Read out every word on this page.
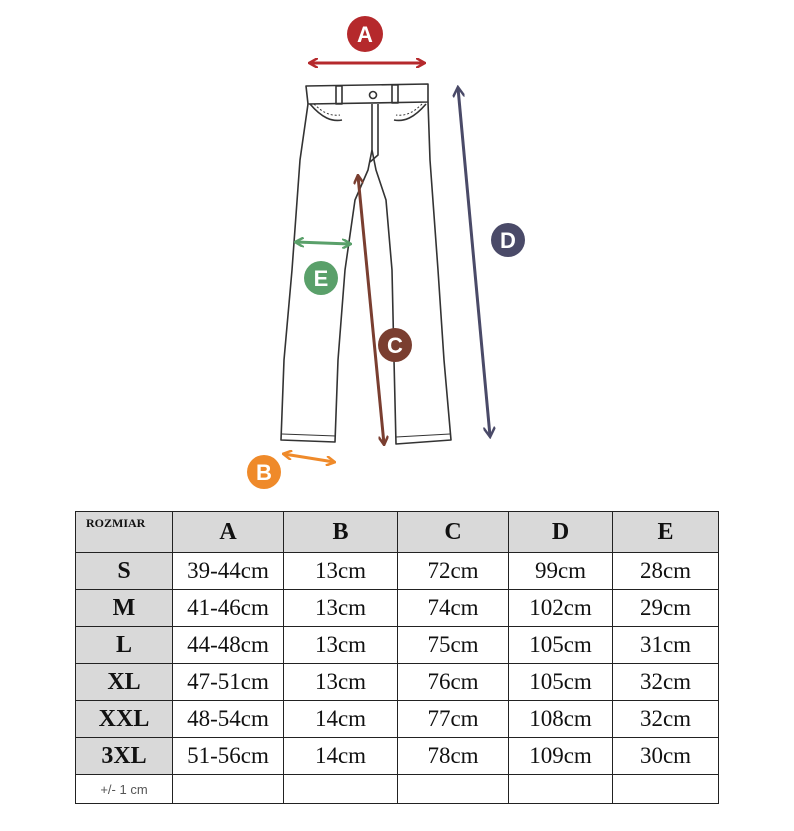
A
D
C
E
B
ROZMIAR	A	B	C	D	E
S	39-44cm	13cm	72cm	99cm	28cm
M	41-46cm	13cm	74cm	102cm	29cm
L	44-48cm	13cm	75cm	105cm	31cm
XL	47-51cm	13cm	76cm	105cm	32cm
XXL	48-54cm	14cm	77cm	108cm	32cm
3XL	51-56cm	14cm	78cm	109cm	30cm
+/- 1 cm					
